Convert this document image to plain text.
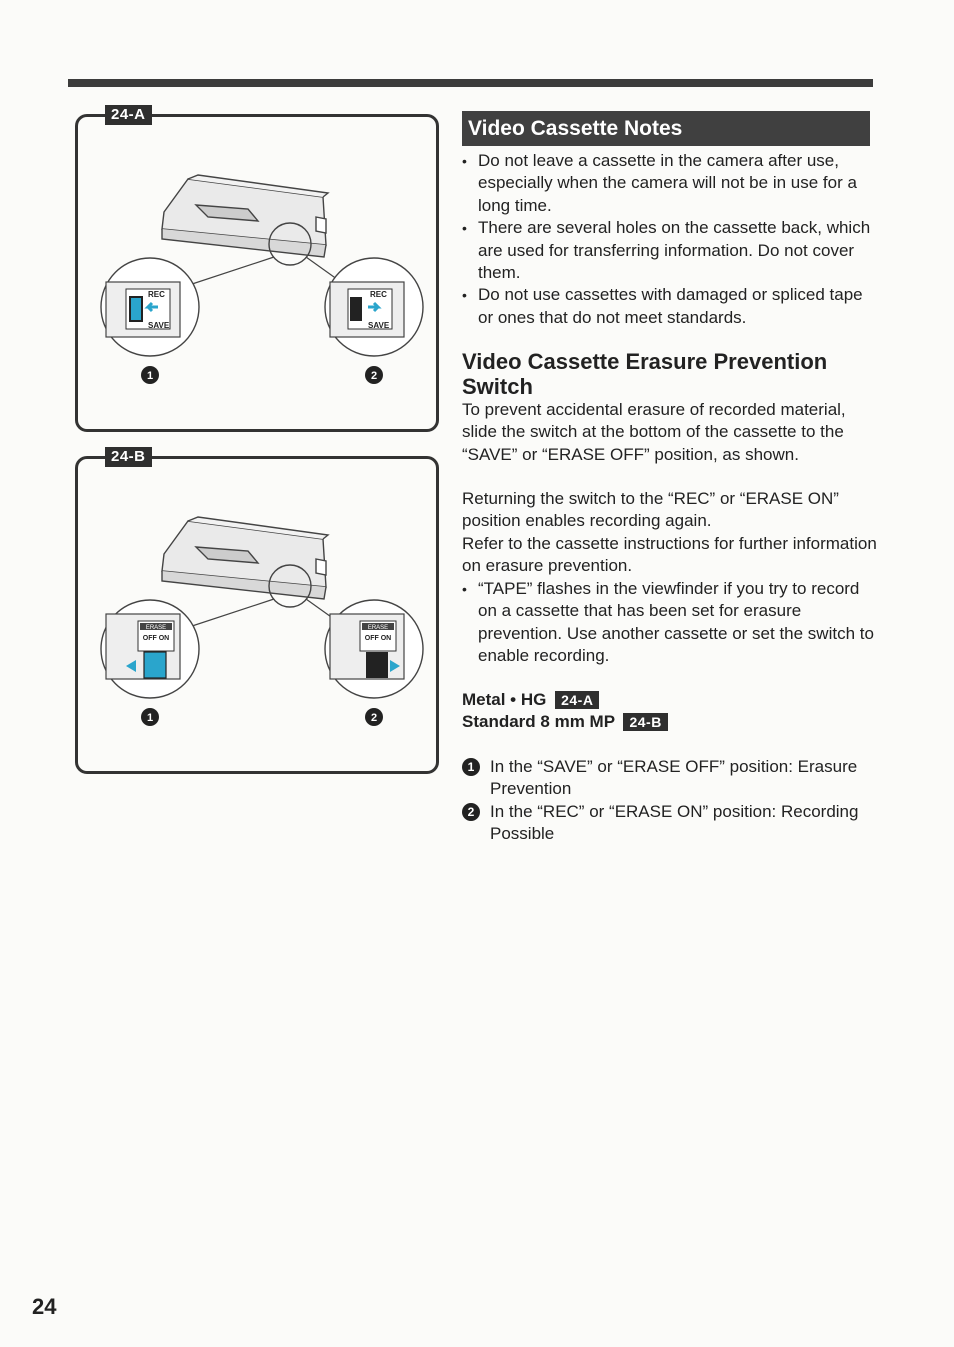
24-A
REC
SAVE
REC
SAVE
1	2
24-B
ERASE
OFF ON
ERASE
OFF ON
1	2
Video Cassette Notes
• Do not leave a cassette in the camera after use, especially when the camera will not be in use for a long time.
• There are several holes on the cassette back, which are used for transferring information. Do not cover them.
• Do not use cassettes with damaged or spliced tape or ones that do not meet standards.
Video Cassette Erasure Prevention Switch

To prevent accidental erasure of recorded material, slide the switch at the bottom of the cassette to the “SAVE” or “ERASE OFF” position, as shown.

Returning the switch to the “REC” or “ERASE ON” position enables recording again.

Refer to the cassette instructions for further information on erasure prevention.

• “TAPE” flashes in the viewfinder if you try to record on a cassette that has been set for erasure prevention. Use another cassette or set the switch to enable recording.
Metal • HG 24-A
Standard 8 mm MP 24-B
1 In the “SAVE” or “ERASE OFF” position: Erasure Prevention
2 In the “REC” or “ERASE ON” position: Recording Possible
24
